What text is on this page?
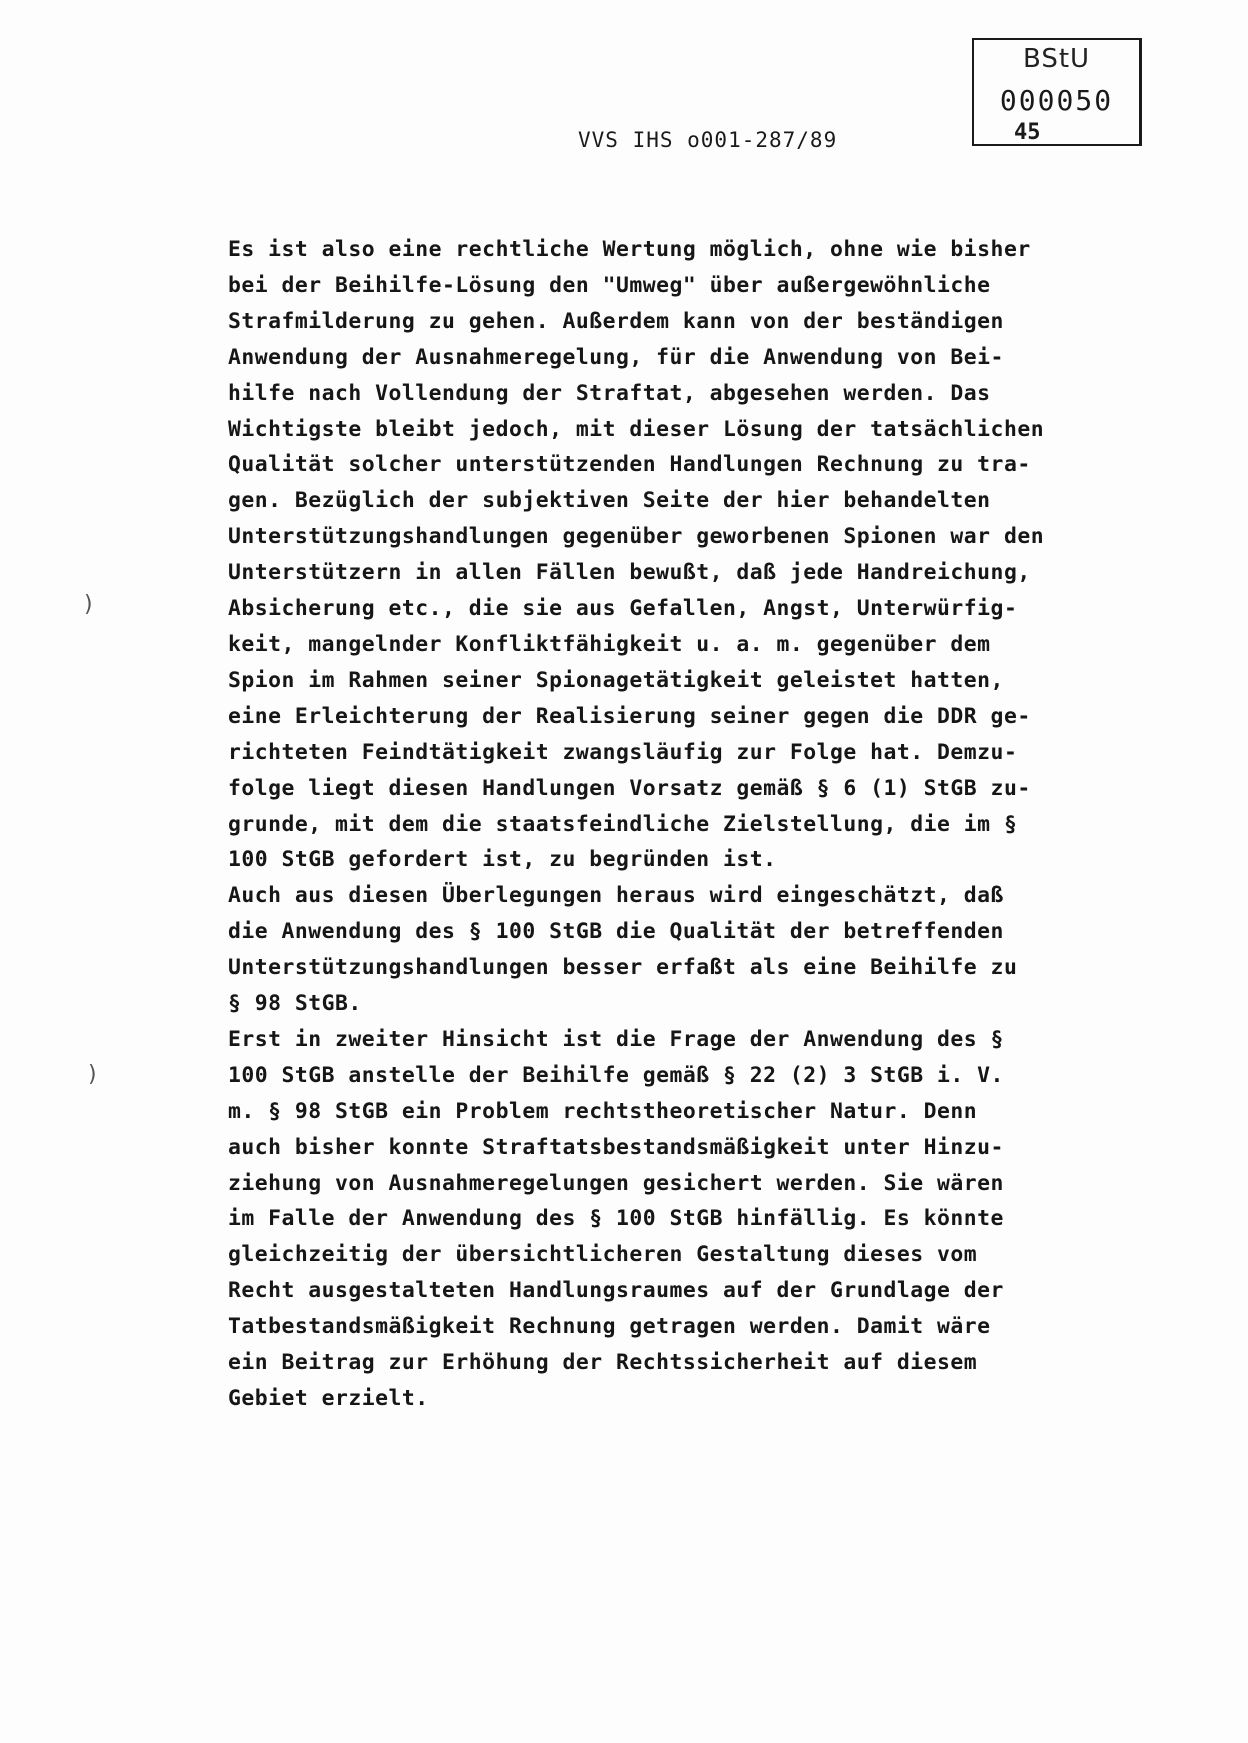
BStU
000050
45
VVS IHS o001-287/89
)
)
Es ist also eine rechtliche Wertung möglich, ohne wie bisher
bei der Beihilfe-Lösung den "Umweg" über außergewöhnliche
Strafmilderung zu gehen. Außerdem kann von der beständigen
Anwendung der Ausnahmeregelung, für die Anwendung von Bei-
hilfe nach Vollendung der Straftat, abgesehen werden. Das
Wichtigste bleibt jedoch, mit dieser Lösung der tatsächlichen
Qualität solcher unterstützenden Handlungen Rechnung zu tra-
gen. Bezüglich der subjektiven Seite der hier behandelten
Unterstützungshandlungen gegenüber geworbenen Spionen war den
Unterstützern in allen Fällen bewußt, daß jede Handreichung,
Absicherung etc., die sie aus Gefallen, Angst, Unterwürfig-
keit, mangelnder Konfliktfähigkeit u. a. m. gegenüber dem
Spion im Rahmen seiner Spionagetätigkeit geleistet hatten,
eine Erleichterung der Realisierung seiner gegen die DDR ge-
richteten Feindtätigkeit zwangsläufig zur Folge hat. Demzu-
folge liegt diesen Handlungen Vorsatz gemäß § 6 (1) StGB zu-
grunde, mit dem die staatsfeindliche Zielstellung, die im §
100 StGB gefordert ist, zu begründen ist.
Auch aus diesen Überlegungen heraus wird eingeschätzt, daß
die Anwendung des § 100 StGB die Qualität der betreffenden
Unterstützungshandlungen besser erfaßt als eine Beihilfe zu
§ 98 StGB.
Erst in zweiter Hinsicht ist die Frage der Anwendung des §
100 StGB anstelle der Beihilfe gemäß § 22 (2) 3 StGB i. V.
m. § 98 StGB ein Problem rechtstheoretischer Natur. Denn
auch bisher konnte Straftatsbestandsmäßigkeit unter Hinzu-
ziehung von Ausnahmeregelungen gesichert werden. Sie wären
im Falle der Anwendung des § 100 StGB hinfällig. Es könnte
gleichzeitig der übersichtlicheren Gestaltung dieses vom
Recht ausgestalteten Handlungsraumes auf der Grundlage der
Tatbestandsmäßigkeit Rechnung getragen werden. Damit wäre
ein Beitrag zur Erhöhung der Rechtssicherheit auf diesem
Gebiet erzielt.
